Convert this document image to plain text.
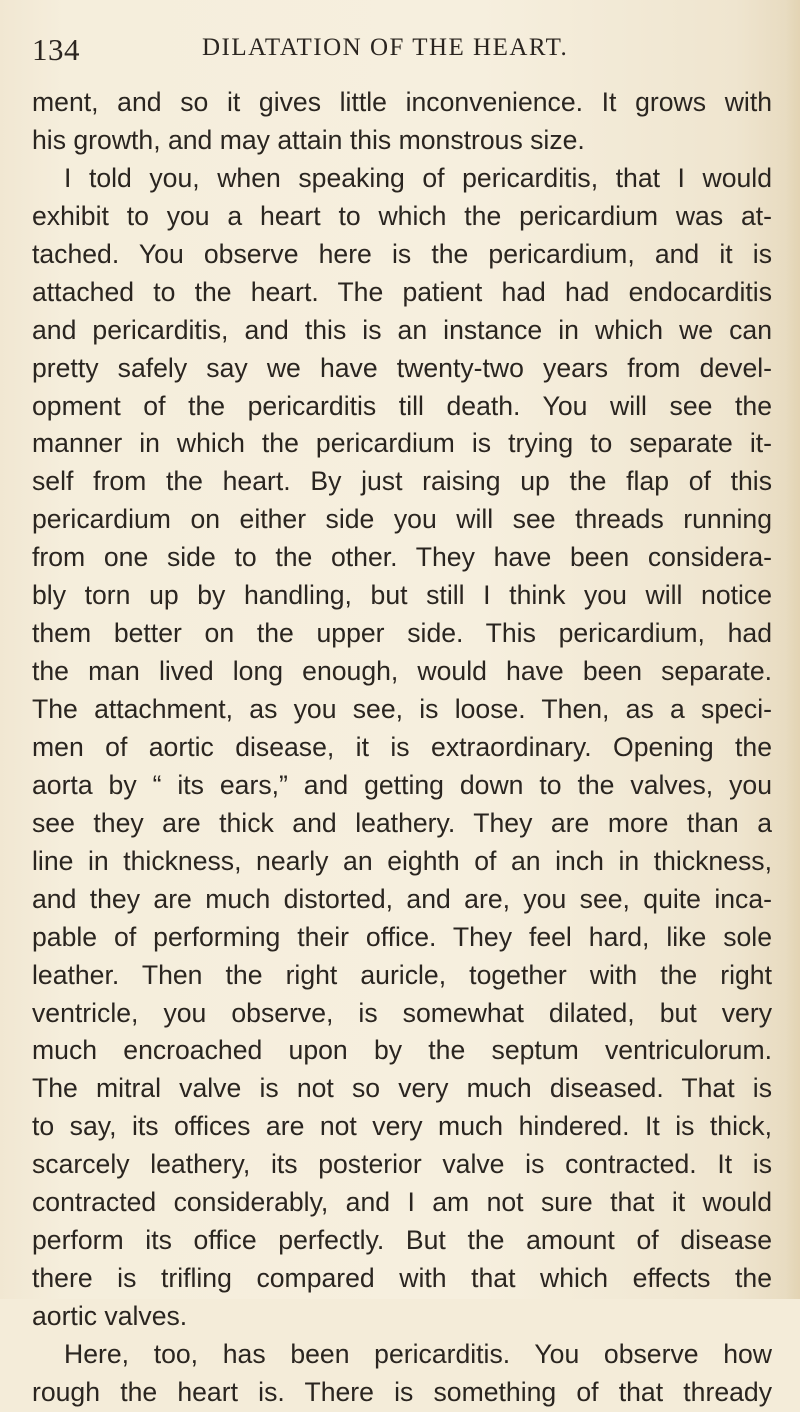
134	DILATATION OF THE HEART.
ment, and so it gives little inconvenience. It grows with
his growth, and may attain this monstrous size.
I told you, when speaking of pericarditis, that I would
exhibit to you a heart to which the pericardium was at-
tached. You observe here is the pericardium, and it is
attached to the heart. The patient had had endocarditis
and pericarditis, and this is an instance in which we can
pretty safely say we have twenty-two years from devel-
opment of the pericarditis till death. You will see the
manner in which the pericardium is trying to separate it-
self from the heart. By just raising up the flap of this
pericardium on either side you will see threads running
from one side to the other. They have been considera-
bly torn up by handling, but still I think you will notice
them better on the upper side. This pericardium, had
the man lived long enough, would have been separate.
The attachment, as you see, is loose. Then, as a speci-
men of aortic disease, it is extraordinary. Opening the
aorta by “ its ears,” and getting down to the valves, you
see they are thick and leathery. They are more than a
line in thickness, nearly an eighth of an inch in thickness,
and they are much distorted, and are, you see, quite inca-
pable of performing their office. They feel hard, like sole
leather. Then the right auricle, together with the right
ventricle, you observe, is somewhat dilated, but very
much encroached upon by the septum ventriculorum.
The mitral valve is not so very much diseased. That is
to say, its offices are not very much hindered. It is thick,
scarcely leathery, its posterior valve is contracted. It is
contracted considerably, and I am not sure that it would
perform its office perfectly. But the amount of disease
there is trifling compared with that which effects the
aortic valves.
Here, too, has been pericarditis. You observe how
rough the heart is. There is something of that thready
